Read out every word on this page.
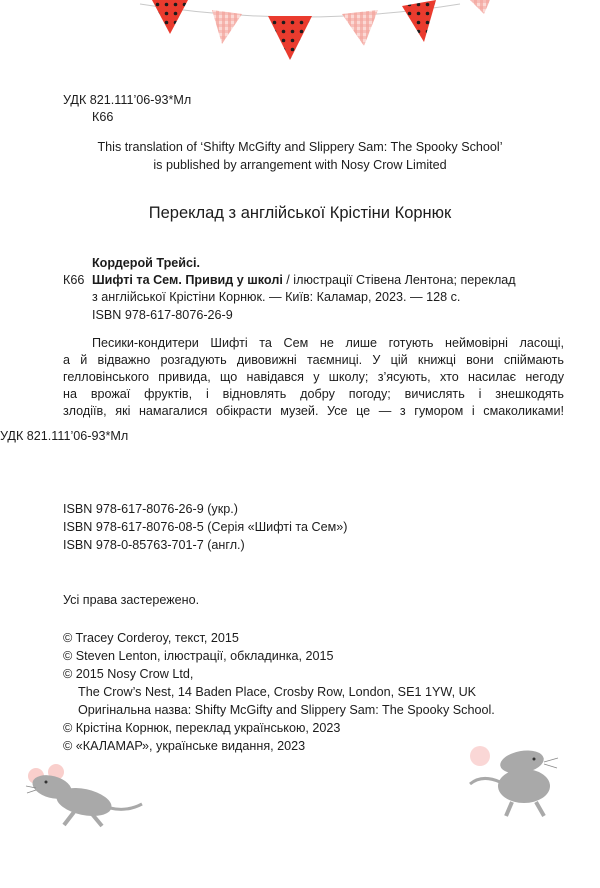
УДК 821.111’06-93*Мл
К66
This translation of ‘Shifty McGifty and Slippery Sam: The Spooky School’
is published by arrangement with Nosy Crow Limited
Переклад з англійської Крістіни Корнюк
Кордерой Трейсі.
К66 Шифті та Сем. Привид у школі / ілюстрації Стівена Лентона; переклад
з англійської Крістіни Корнюк. — Київ: Каламар, 2023. — 128 с.
ISBN 978-617-8076-26-9
Песики-кондитери Шифті та Сем не лише готують неймовірні ласощі,
а й відважно розгадують дивовижні таємниці. У цій книжці вони спіймають
гелловінського привида, що навідався у школу; з’ясують, хто насилає негоду
на врожаї фруктів, і відновлять добру погоду; вичислять і знешкодять
злодіїв, які намагалися обікрасти музей. Усе це — з гумором і смаколиками!
УДК 821.111’06-93*Мл
ISBN 978-617-8076-26-9 (укр.)
ISBN 978-617-8076-08-5 (Серія «Шифті та Сем»)
ISBN 978-0-85763-701-7 (англ.)
Усі права застережено.
© Tracey Corderoy, текст, 2015
© Steven Lenton, ілюстрації, обкладинка, 2015
© 2015 Nosy Crow Ltd,
The Crow’s Nest, 14 Baden Place, Crosby Row, London, SE1 1YW, UK
Оригінальна назва: Shifty McGifty and Slippery Sam: The Spooky School.
© Крістіна Корнюк, переклад українською, 2023
© «КАЛАМАР», українське видання, 2023
